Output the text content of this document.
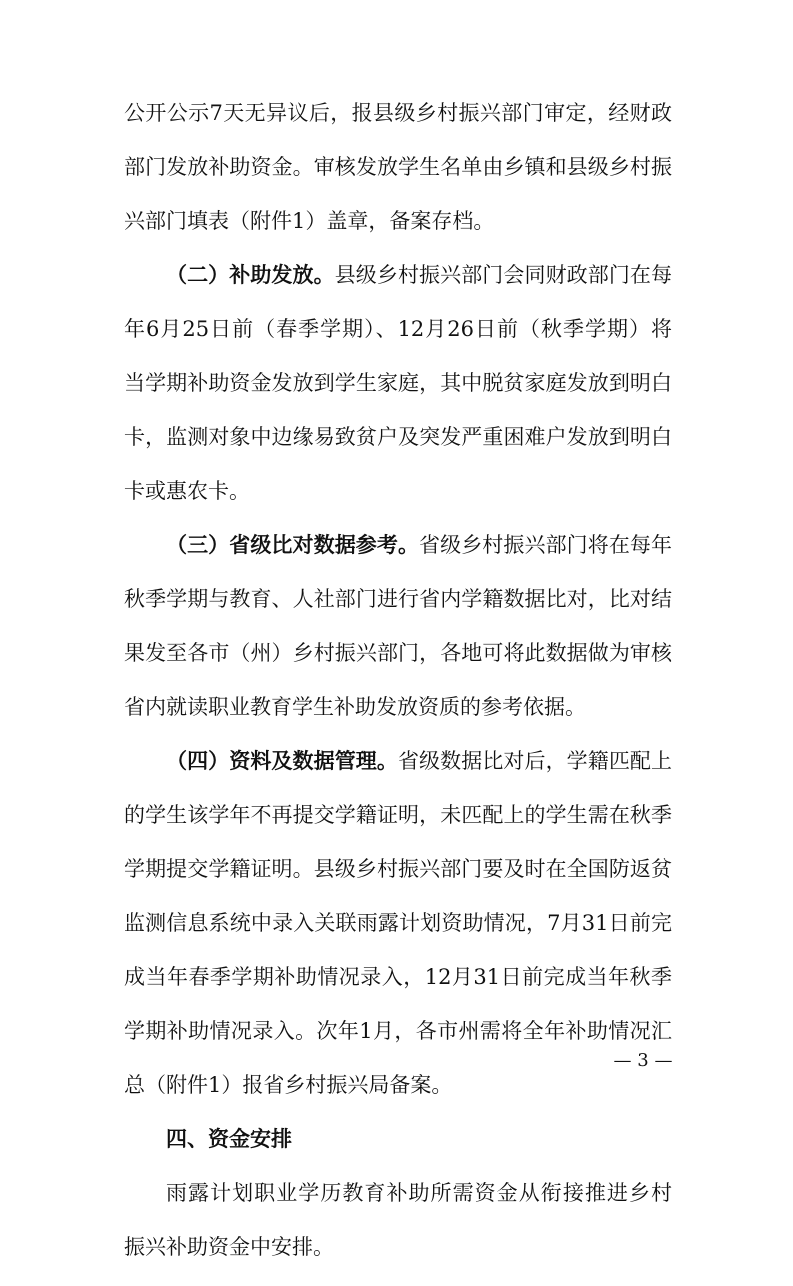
公开公示7天无异议后，报县级乡村振兴部门审定，经财政
部门发放补助资金。审核发放学生名单由乡镇和县级乡村振
兴部门填表（附件1）盖章，备案存档。
（二）补助发放。县级乡村振兴部门会同财政部门在每
年6月25日前（春季学期）、12月26日前（秋季学期）将
当学期补助资金发放到学生家庭，其中脱贫家庭发放到明白
卡，监测对象中边缘易致贫户及突发严重困难户发放到明白
卡或惠农卡。
（三）省级比对数据参考。省级乡村振兴部门将在每年
秋季学期与教育、人社部门进行省内学籍数据比对，比对结
果发至各市（州）乡村振兴部门，各地可将此数据做为审核
省内就读职业教育学生补助发放资质的参考依据。
（四）资料及数据管理。省级数据比对后，学籍匹配上
的学生该学年不再提交学籍证明，未匹配上的学生需在秋季
学期提交学籍证明。县级乡村振兴部门要及时在全国防返贫
监测信息系统中录入关联雨露计划资助情况，7月31日前完
成当年春季学期补助情况录入，12月31日前完成当年秋季
学期补助情况录入。次年1月，各市州需将全年补助情况汇
总（附件1）报省乡村振兴局备案。
四、资金安排
雨露计划职业学历教育补助所需资金从衔接推进乡村
振兴补助资金中安排。
— 3 —
